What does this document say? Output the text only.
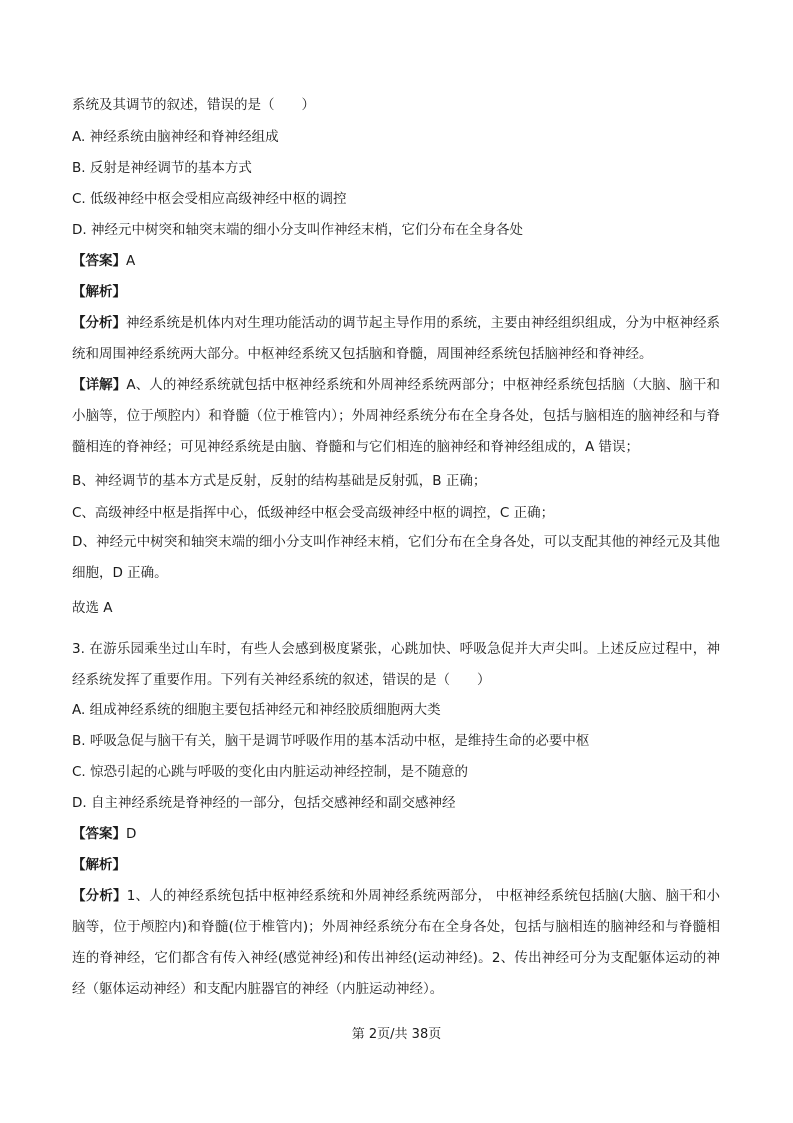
系统及其调节的叙述，错误的是（　　）
A. 神经系统由脑神经和脊神经组成
B. 反射是神经调节的基本方式
C. 低级神经中枢会受相应高级神经中枢的调控
D. 神经元中树突和轴突末端的细小分支叫作神经末梢，它们分布在全身各处
【答案】A
【解析】
【分析】神经系统是机体内对生理功能活动的调节起主导作用的系统，主要由神经组织组成，分为中枢神经系统和周围神经系统两大部分。中枢神经系统又包括脑和脊髓，周围神经系统包括脑神经和脊神经。
【详解】A、人的神经系统就包括中枢神经系统和外周神经系统两部分；中枢神经系统包括脑（大脑、脑干和小脑等，位于颅腔内）和脊髓（位于椎管内）；外周神经系统分布在全身各处，包括与脑相连的脑神经和与脊髓相连的脊神经；可见神经系统是由脑、脊髓和与它们相连的脑神经和脊神经组成的，A 错误；
B、神经调节的基本方式是反射，反射的结构基础是反射弧，B 正确；
C、高级神经中枢是指挥中心，低级神经中枢会受高级神经中枢的调控，C 正确；
D、神经元中树突和轴突末端的细小分支叫作神经末梢，它们分布在全身各处，可以支配其他的神经元及其他细胞，D 正确。
故选 A
3. 在游乐园乘坐过山车时，有些人会感到极度紧张，心跳加快、呼吸急促并大声尖叫。上述反应过程中，神经系统发挥了重要作用。下列有关神经系统的叙述，错误的是（　　）
A. 组成神经系统的细胞主要包括神经元和神经胶质细胞两大类
B. 呼吸急促与脑干有关，脑干是调节呼吸作用的基本活动中枢，是维持生命的必要中枢
C. 惊恐引起的心跳与呼吸的变化由内脏运动神经控制，是不随意的
D. 自主神经系统是脊神经的一部分，包括交感神经和副交感神经
【答案】D
【解析】
【分析】1、人的神经系统包括中枢神经系统和外周神经系统两部分， 中枢神经系统包括脑(大脑、脑干和小脑等，位于颅腔内)和脊髓(位于椎管内)；外周神经系统分布在全身各处，包括与脑相连的脑神经和与脊髓相连的脊神经，它们都含有传入神经(感觉神经)和传出神经(运动神经)。2、传出神经可分为支配躯体运动的神经（躯体运动神经）和支配内脏器官的神经（内脏运动神经）。
第 2页/共 38页
